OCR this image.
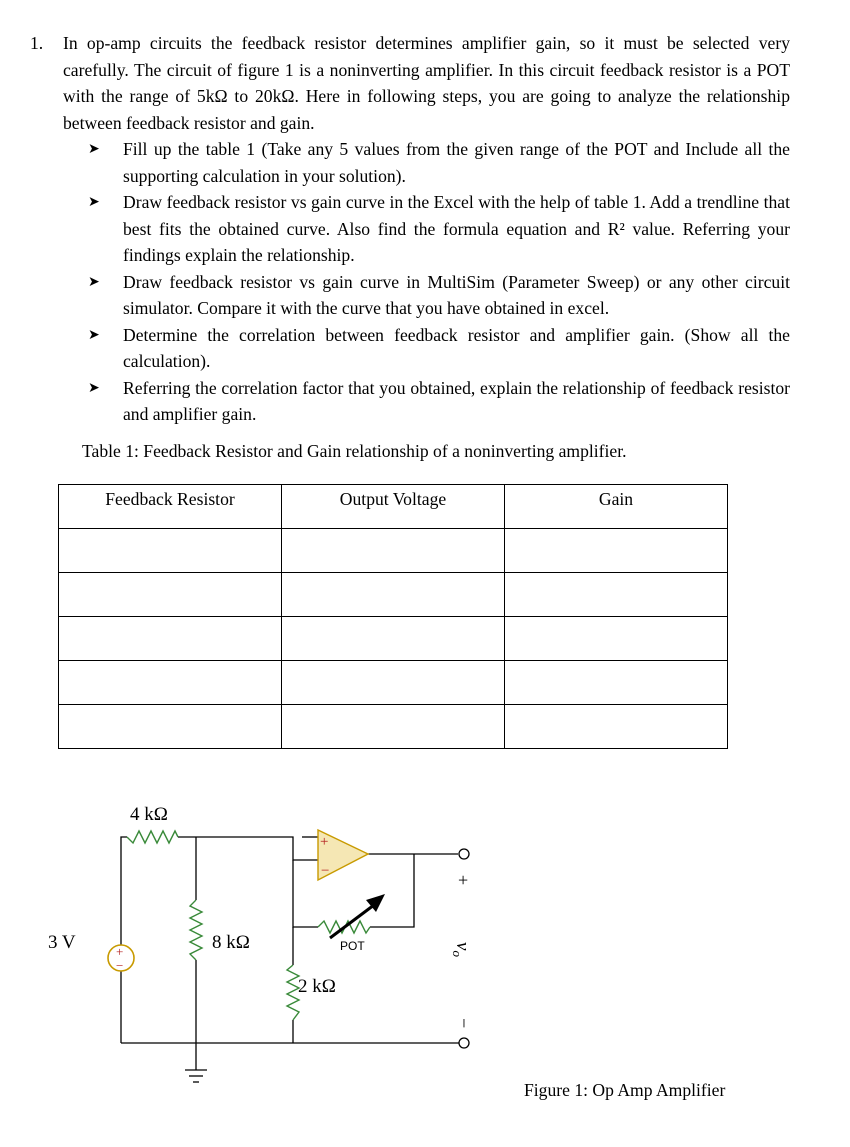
1. In op-amp circuits the feedback resistor determines amplifier gain, so it must be selected very carefully. The circuit of figure 1 is a noninverting amplifier. In this circuit feedback resistor is a POT with the range of 5kΩ to 20kΩ. Here in following steps, you are going to analyze the relationship between feedback resistor and gain.
➤ Fill up the table 1 (Take any 5 values from the given range of the POT and Include all the supporting calculation in your solution).
➤ Draw feedback resistor vs gain curve in the Excel with the help of table 1. Add a trendline that best fits the obtained curve. Also find the formula equation and R² value. Referring your findings explain the relationship.
➤ Draw feedback resistor vs gain curve in MultiSim (Parameter Sweep) or any other circuit simulator. Compare it with the curve that you have obtained in excel.
➤ Determine the correlation between feedback resistor and amplifier gain. (Show all the calculation).
➤ Referring the correlation factor that you obtained, explain the relationship of feedback resistor and amplifier gain.
Table 1: Feedback Resistor and Gain relationship of a noninverting amplifier.
Feedback Resistor	Output Voltage	Gain

4 kΩ
+
−
3 V	8 kΩ
+
−
POT
2 kΩ
+
−
$v_o$
Figure 1: Op Amp Amplifier
